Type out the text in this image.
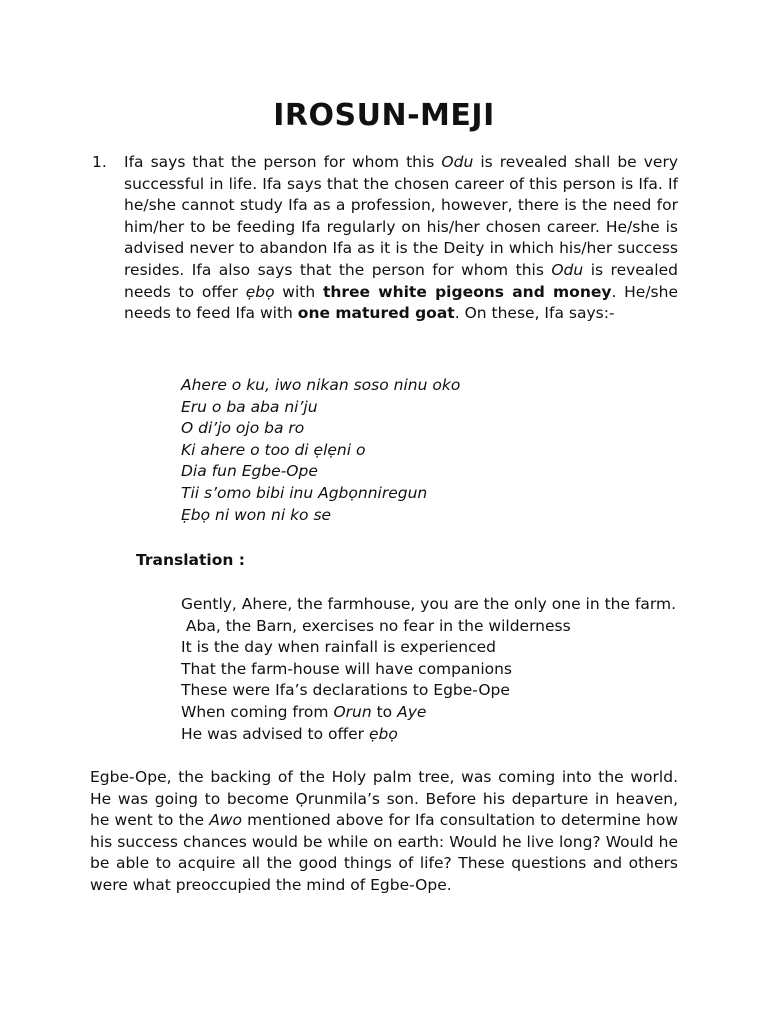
IROSUN-MEJI
1. Ifa says that the person for whom this Odu is revealed shall be very successful in life. Ifa says that the chosen career of this person is Ifa. If he/she cannot study Ifa as a profession, however, there is the need for him/her to be feeding Ifa regularly on his/her chosen career. He/she is advised never to abandon Ifa as it is the Deity in which his/her success resides. Ifa also says that the person for whom this Odu is revealed needs to offer ẹbọ with three white pigeons and money. He/she needs to feed Ifa with one matured goat. On these, Ifa says:-

Ahere o ku, iwo nikan soso ninu oko
Eru o ba aba ni’ju
O di’jo ojo ba ro
Ki ahere o too di ẹlẹni o
Dia fun Egbe-Ope
Tii s’omo bibi inu Agbọnniregun
Ẹbọ ni won ni ko se
Translation :
Gently, Ahere, the farmhouse, you are the only one in the farm.
Aba, the Barn, exercises no fear in the wilderness
It is the day when rainfall is experienced
That the farm-house will have companions
These were Ifa’s declarations to Egbe-Ope
When coming from Orun to Aye
He was advised to offer ẹbọ

Egbe-Ope, the backing of the Holy palm tree, was coming into the world. He was going to become Ọrunmila’s son. Before his departure in heaven, he went to the Awo mentioned above for Ifa consultation to determine how his success chances would be while on earth: Would he live long? Would he be able to acquire all the good things of life? These questions and others were what preoccupied the mind of Egbe-Ope.
